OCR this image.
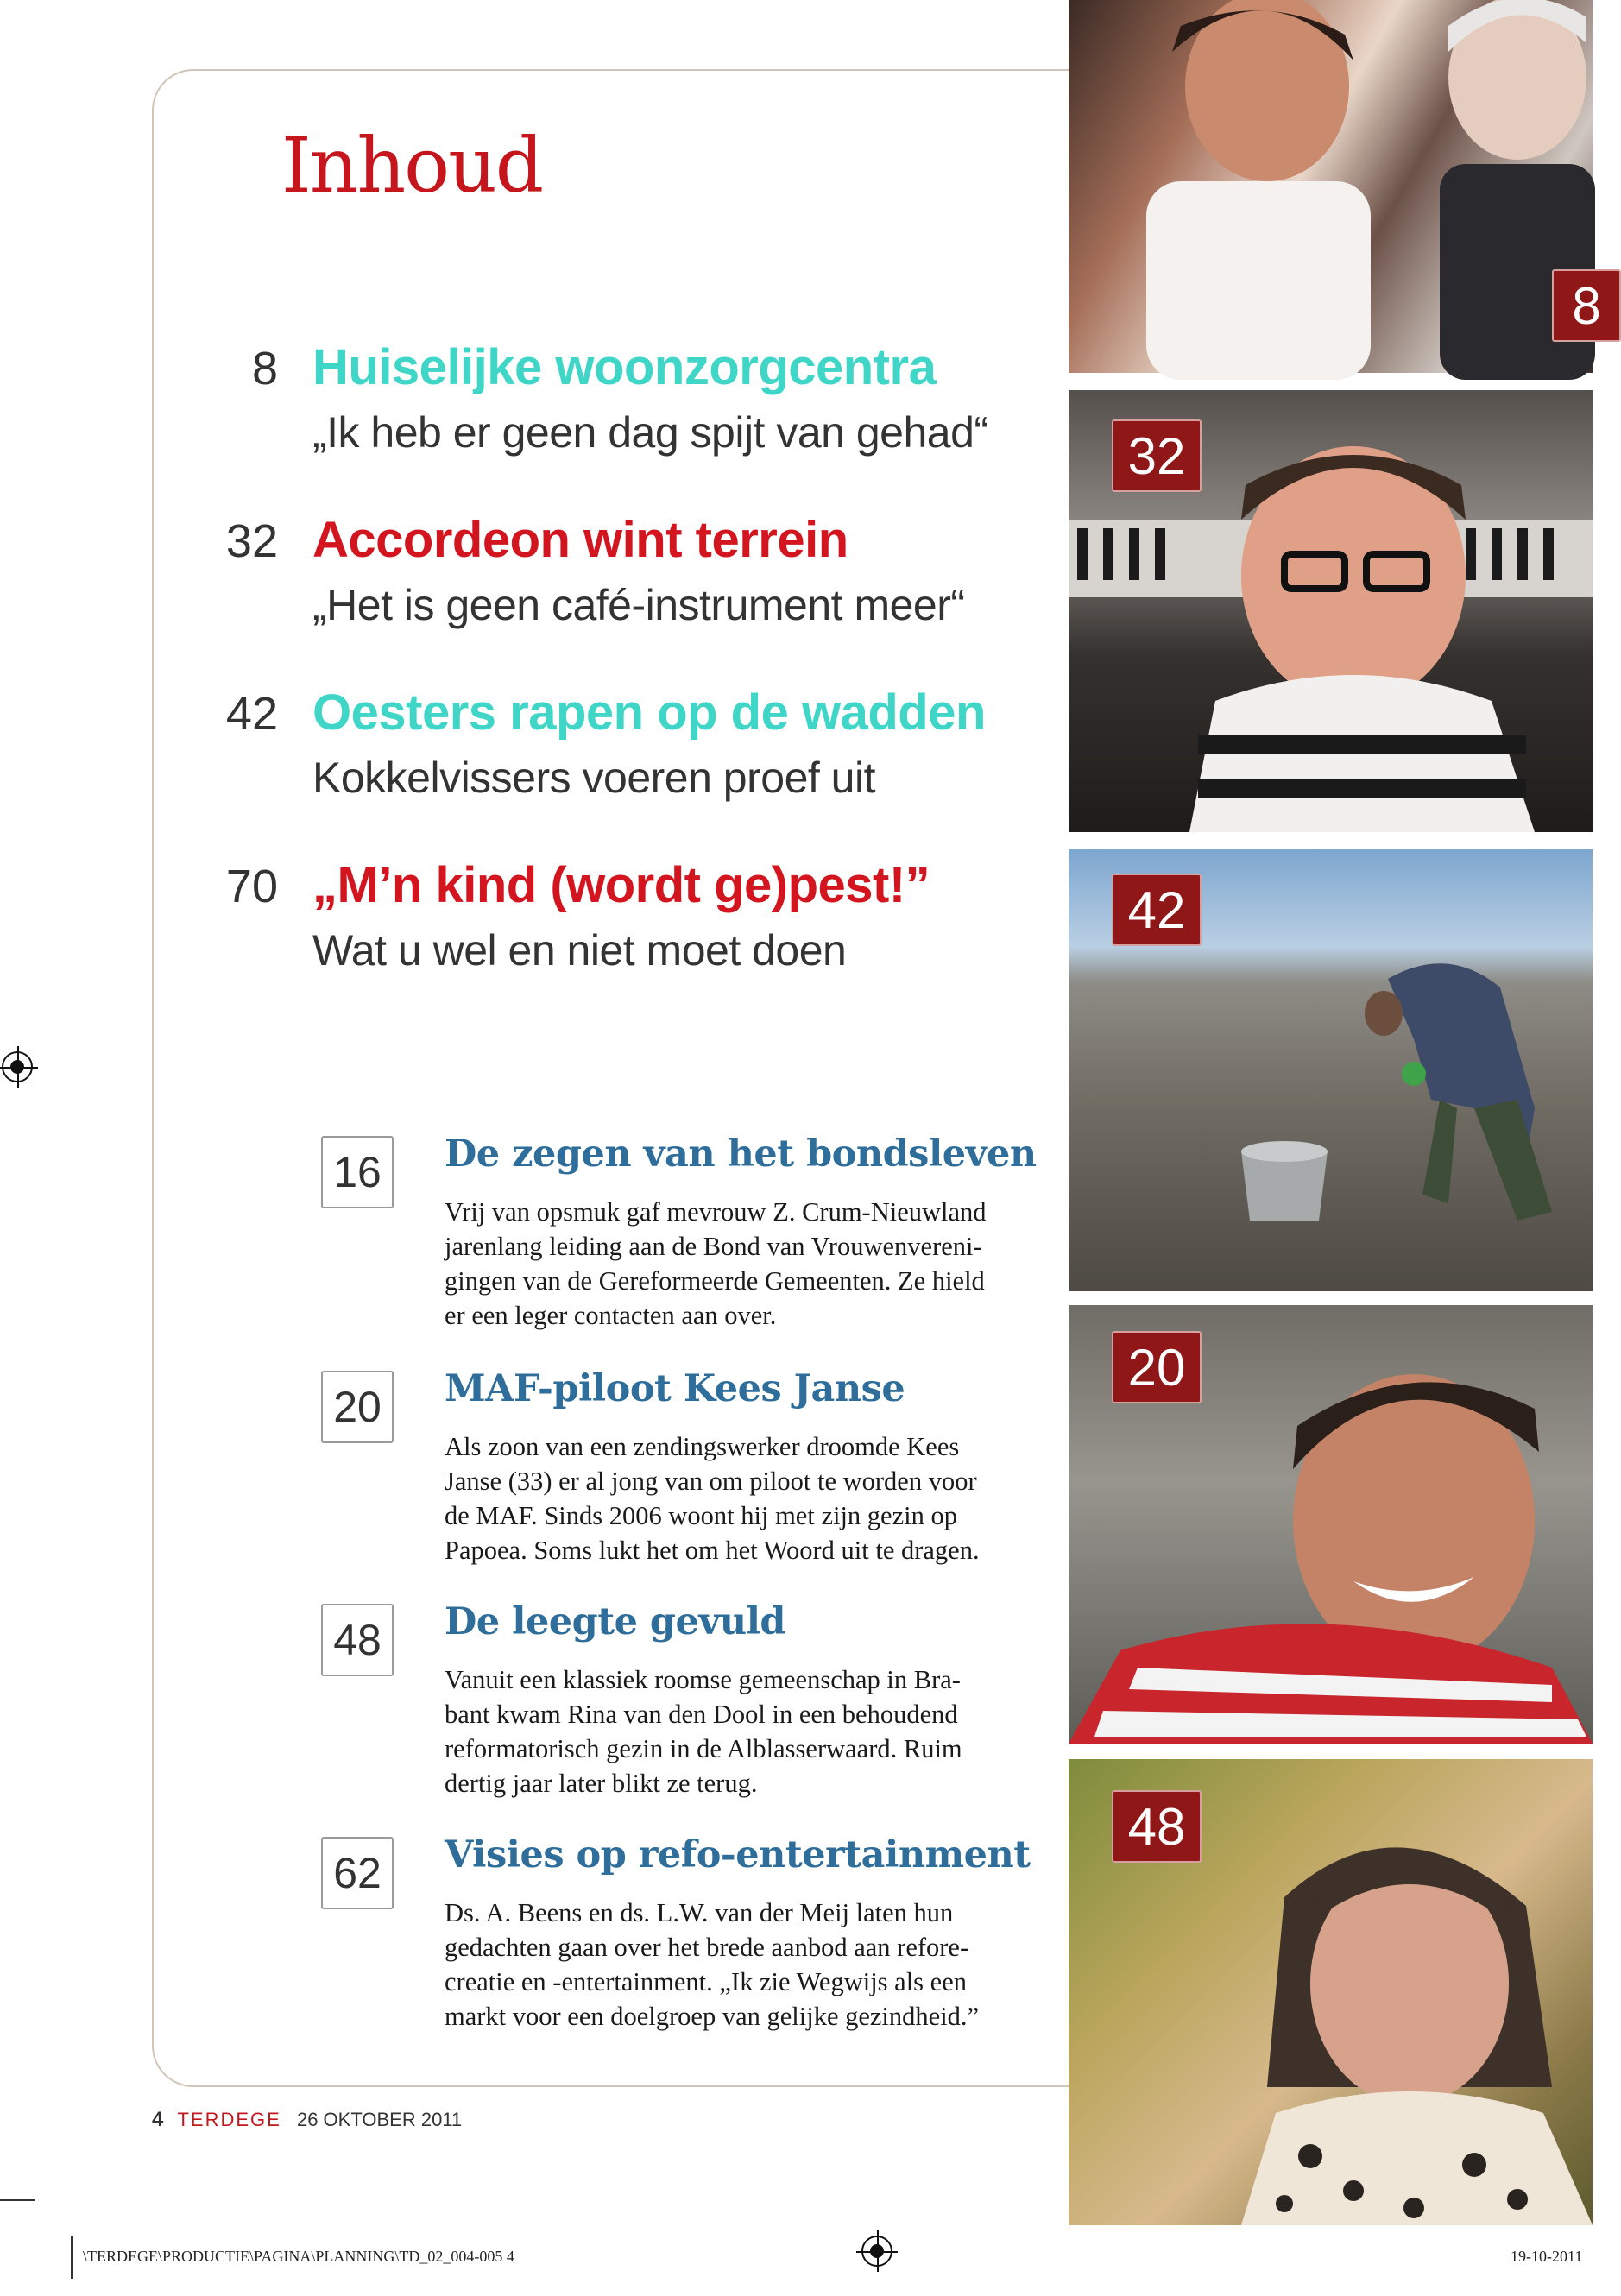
Inhoud
8 Huiselijke woonzorgcentra
„Ik heb er geen dag spijt van gehad“
32 Accordeon wint terrein
„Het is geen café-instrument meer“
42 Oesters rapen op de wadden
Kokkelvissers voeren proef uit
70 „M’n kind (wordt ge)pest!”
Wat u wel en niet moet doen
16	De zegen van het bondsleven
Vrij van opsmuk gaf mevrouw Z. Crum-Nieuwland
jarenlang leiding aan de Bond van Vrouwenvereni-
gingen van de Gereformeerde Gemeenten. Ze hield
er een leger contacten aan over.
20	MAF-piloot Kees Janse
Als zoon van een zendingswerker droomde Kees
Janse (33) er al jong van om piloot te worden voor
de MAF. Sinds 2006 woont hij met zijn gezin op
Papoea. Soms lukt het om het Woord uit te dragen.
48	De leegte gevuld
Vanuit een klassiek roomse gemeenschap in Bra-
bant kwam Rina van den Dool in een behoudend
reformatorisch gezin in de Alblasserwaard. Ruim
dertig jaar later blikt ze terug.
62	Visies op refo-entertainment
Ds. A. Beens en ds. L.W. van der Meij laten hun
gedachten gaan over het brede aanbod aan refore-
creatie en -entertainment. „Ik zie Wegwijs als een
markt voor een doelgroep van gelijke gezindheid.”
8
32
42
20
48
4 TERDEGE 26 OKTOBER 2011
\TERDEGE\PRODUCTIE\PAGINA\PLANNING\TD_02_004-005 4	19-10-2011
